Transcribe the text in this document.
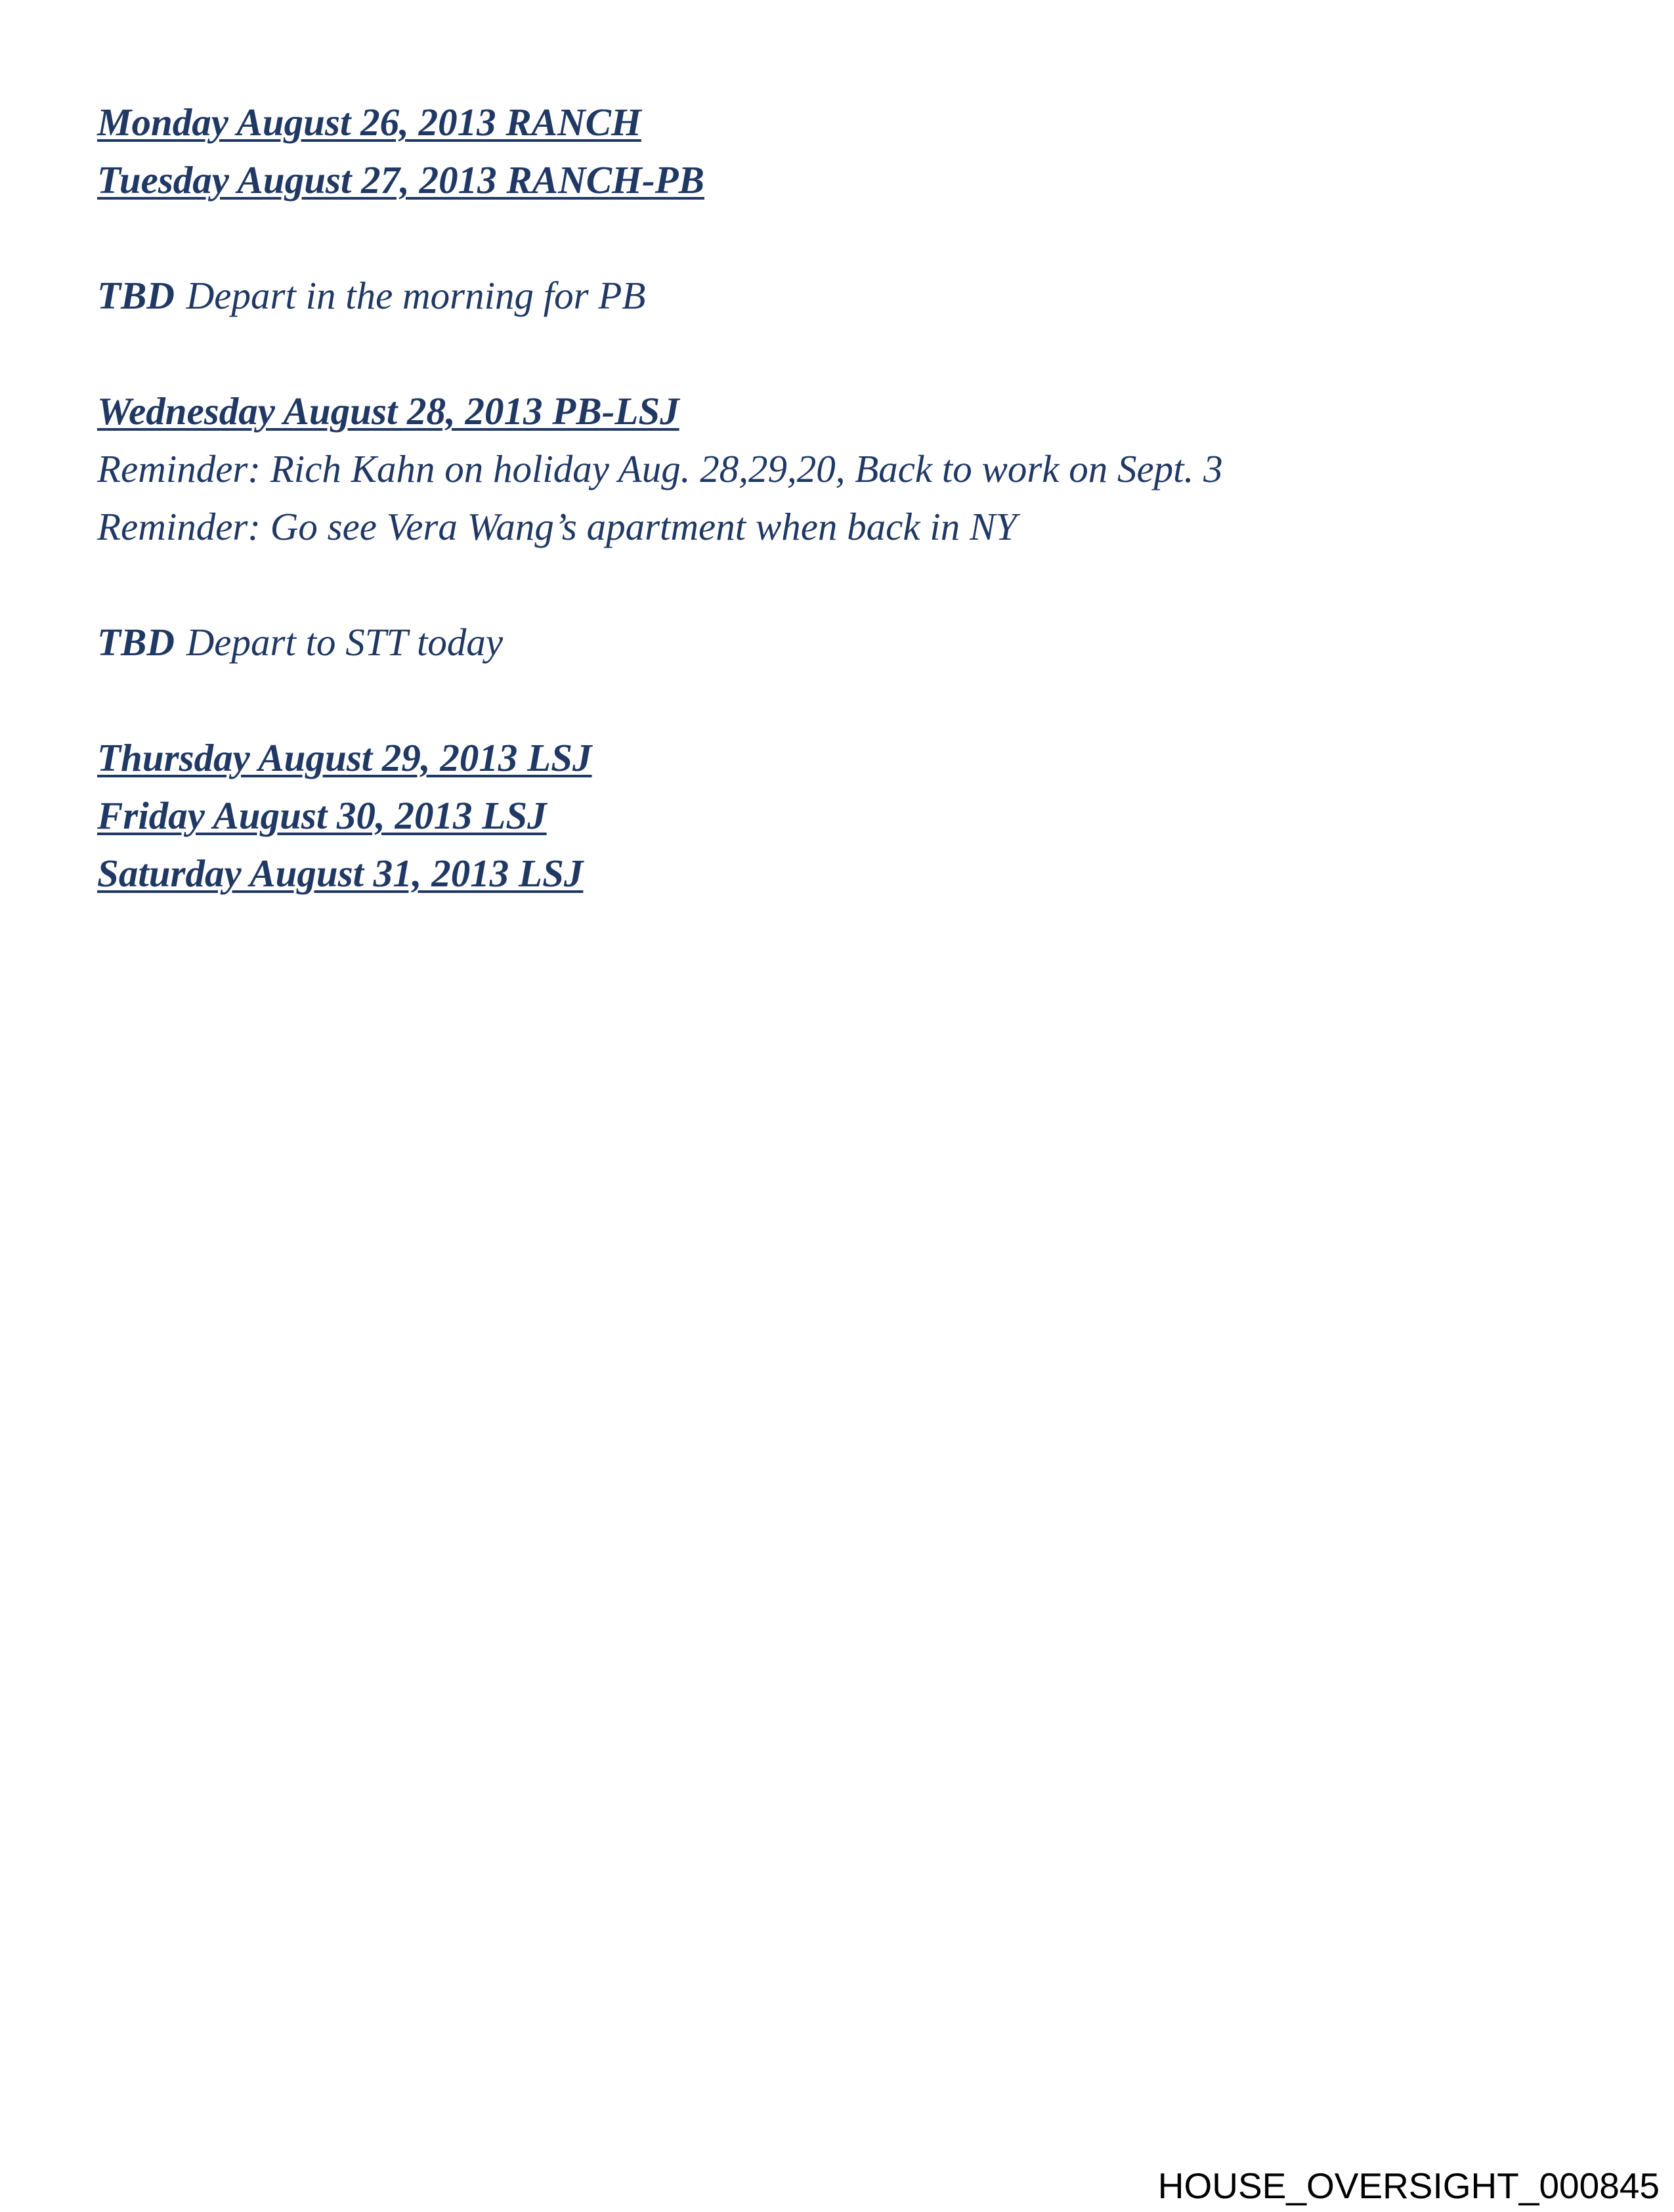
Monday August 26, 2013 RANCH

Tuesday August 27, 2013 RANCH-PB

TBD Depart in the morning for PB

Wednesday August 28, 2013 PB-LSJ

Reminder: Rich Kahn on holiday Aug. 28,29,20, Back to work on Sept. 3

Reminder: Go see Vera Wang’s apartment when back in NY

TBD Depart to STT today

Thursday August 29, 2013 LSJ

Friday August 30, 2013 LSJ

Saturday August 31, 2013 LSJ

HOUSE_OVERSIGHT_000845
